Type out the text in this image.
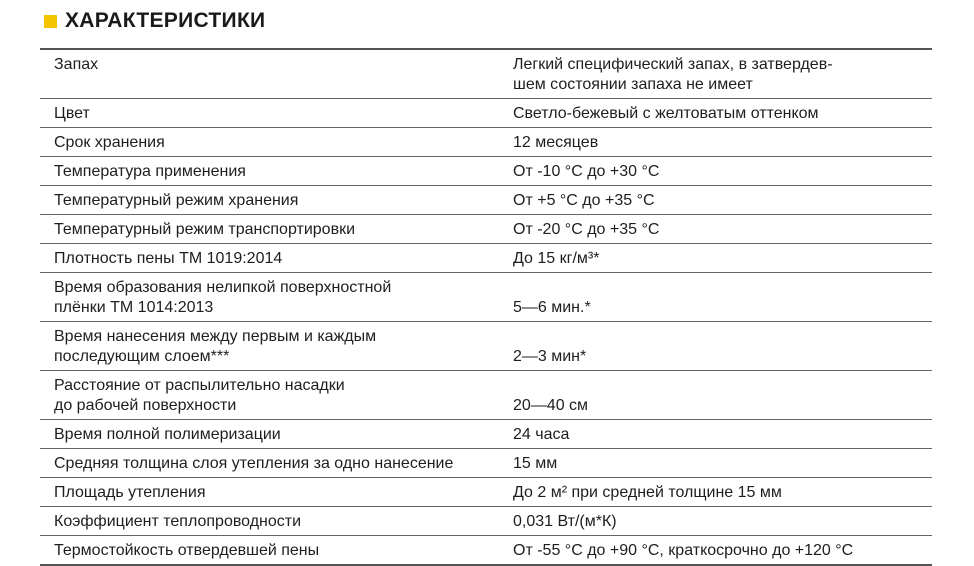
ХАРАКТЕРИСТИКИ
Запах	Легкий специфический запах, в затвердев-
шем состоянии запаха не имеет
Цвет	Светло-бежевый с желтоватым оттенком
Срок хранения	12 месяцев
Температура применения	От -10 °С до +30 °С
Температурный режим хранения	От +5 °С до +35 °С
Температурный режим транспортировки	От -20 °С до +35 °С
Плотность пены ТМ 1019:2014	До 15 кг/м³*
Время образования нелипкой поверхностной
плёнки ТМ 1014:2013	5—6 мин.*
Время нанесения между первым и каждым
последующим слоем***	2—3 мин*
Расстояние от распылительно насадки
до рабочей поверхности	20—40 см
Время полной полимеризации	24 часа
Средняя толщина слоя утепления за одно нанесение	15 мм
Площадь утепления	До 2 м² при средней толщине 15 мм
Коэффициент теплопроводности	0,031 Вт/(м*К)
Термостойкость отвердевшей пены	От -55 °С до +90 °С, краткосрочно до +120 °С
